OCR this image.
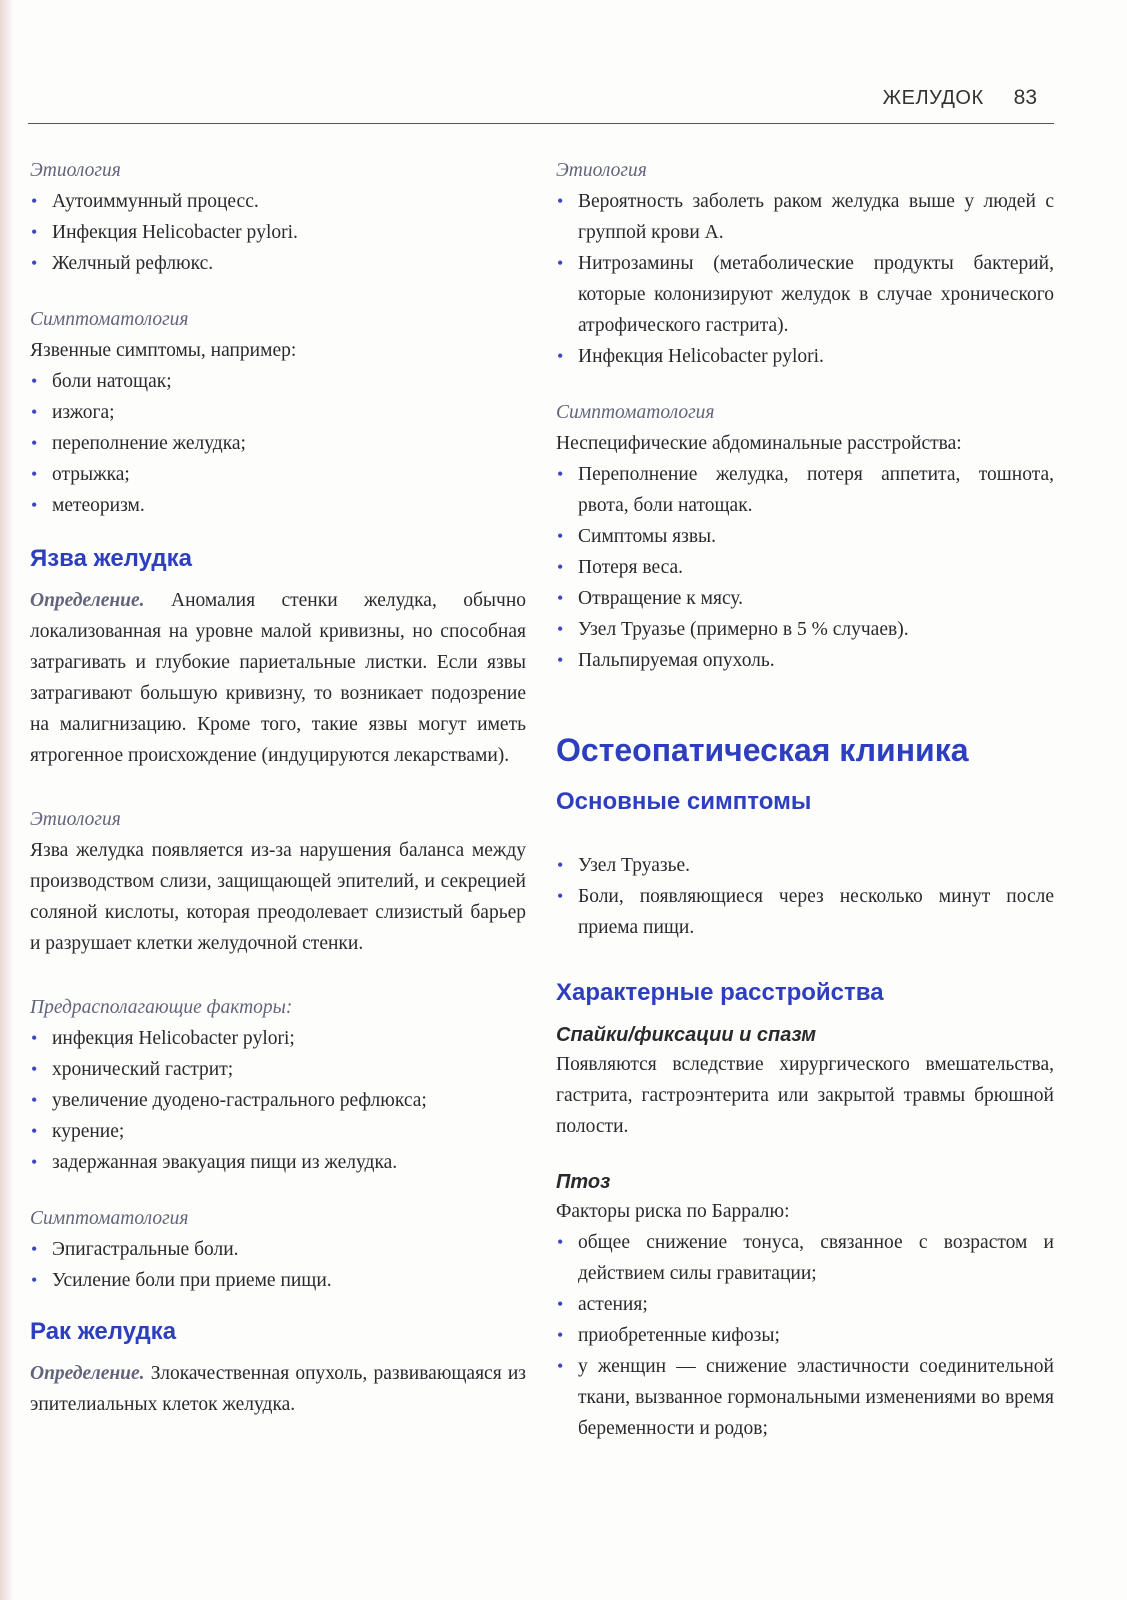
ЖЕЛУДОК 83

Этиология

• Аутоиммунный процесс.
• Инфекция Helicobacter pylori.
• Желчный рефлюкс.

Симптоматология

Язвенные симптомы, например:

• боли натощак;
• изжога;
• переполнение желудка;
• отрыжка;
• метеоризм.
Язва желудка

Определение. Аномалия стенки желудка, обычно локализованная на уровне малой кривизны, но способная затрагивать и глубокие париетальные листки. Если язвы затрагивают большую кривизну, то возникает подозрение на малигнизацию. Кроме того, такие язвы могут иметь ятрогенное происхождение (индуцируются лекарствами).

Этиология

Язва желудка появляется из-за нарушения баланса между производством слизи, защищающей эпителий, и секрецией соляной кислоты, которая преодолевает слизистый барьер и разрушает клетки желудочной стенки.

Предрасполагающие факторы:

• инфекция Helicobacter pylori;
• хронический гастрит;
• увеличение дуодено-гастрального рефлюкса;
• курение;
• задержанная эвакуация пищи из желудка.

Симптоматология

• Эпигастральные боли.
• Усиление боли при приеме пищи.
Рак желудка

Определение. Злокачественная опухоль, развивающаяся из эпителиальных клеток желудка.

Этиология

• Вероятность заболеть раком желудка выше у людей с группой крови А.
• Нитрозамины (метаболические продукты бактерий, которые колонизируют желудок в случае хронического атрофического гастрита).
• Инфекция Helicobacter pylori.

Симптоматология

Неспецифические абдоминальные расстройства:

• Переполнение желудка, потеря аппетита, тошнота, рвота, боли натощак.
• Симптомы язвы.
• Потеря веса.
• Отвращение к мясу.
• Узел Труазье (примерно в 5 % случаев).
• Пальпируемая опухоль.
Остеопатическая клиника
Основные симптомы
• Узел Труазье.
• Боли, появляющиеся через несколько минут после приема пищи.
Характерные расстройства
Спайки/фиксации и спазм

Появляются вследствие хирургического вмешательства, гастрита, гастроэнтерита или закрытой травмы брюшной полости.

Птоз

Факторы риска по Барралю:

• общее снижение тонуса, связанное с возрастом и действием силы гравитации;
• астения;
• приобретенные кифозы;
• у женщин — снижение эластичности соединительной ткани, вызванное гормональными изменениями во время беременности и родов;
